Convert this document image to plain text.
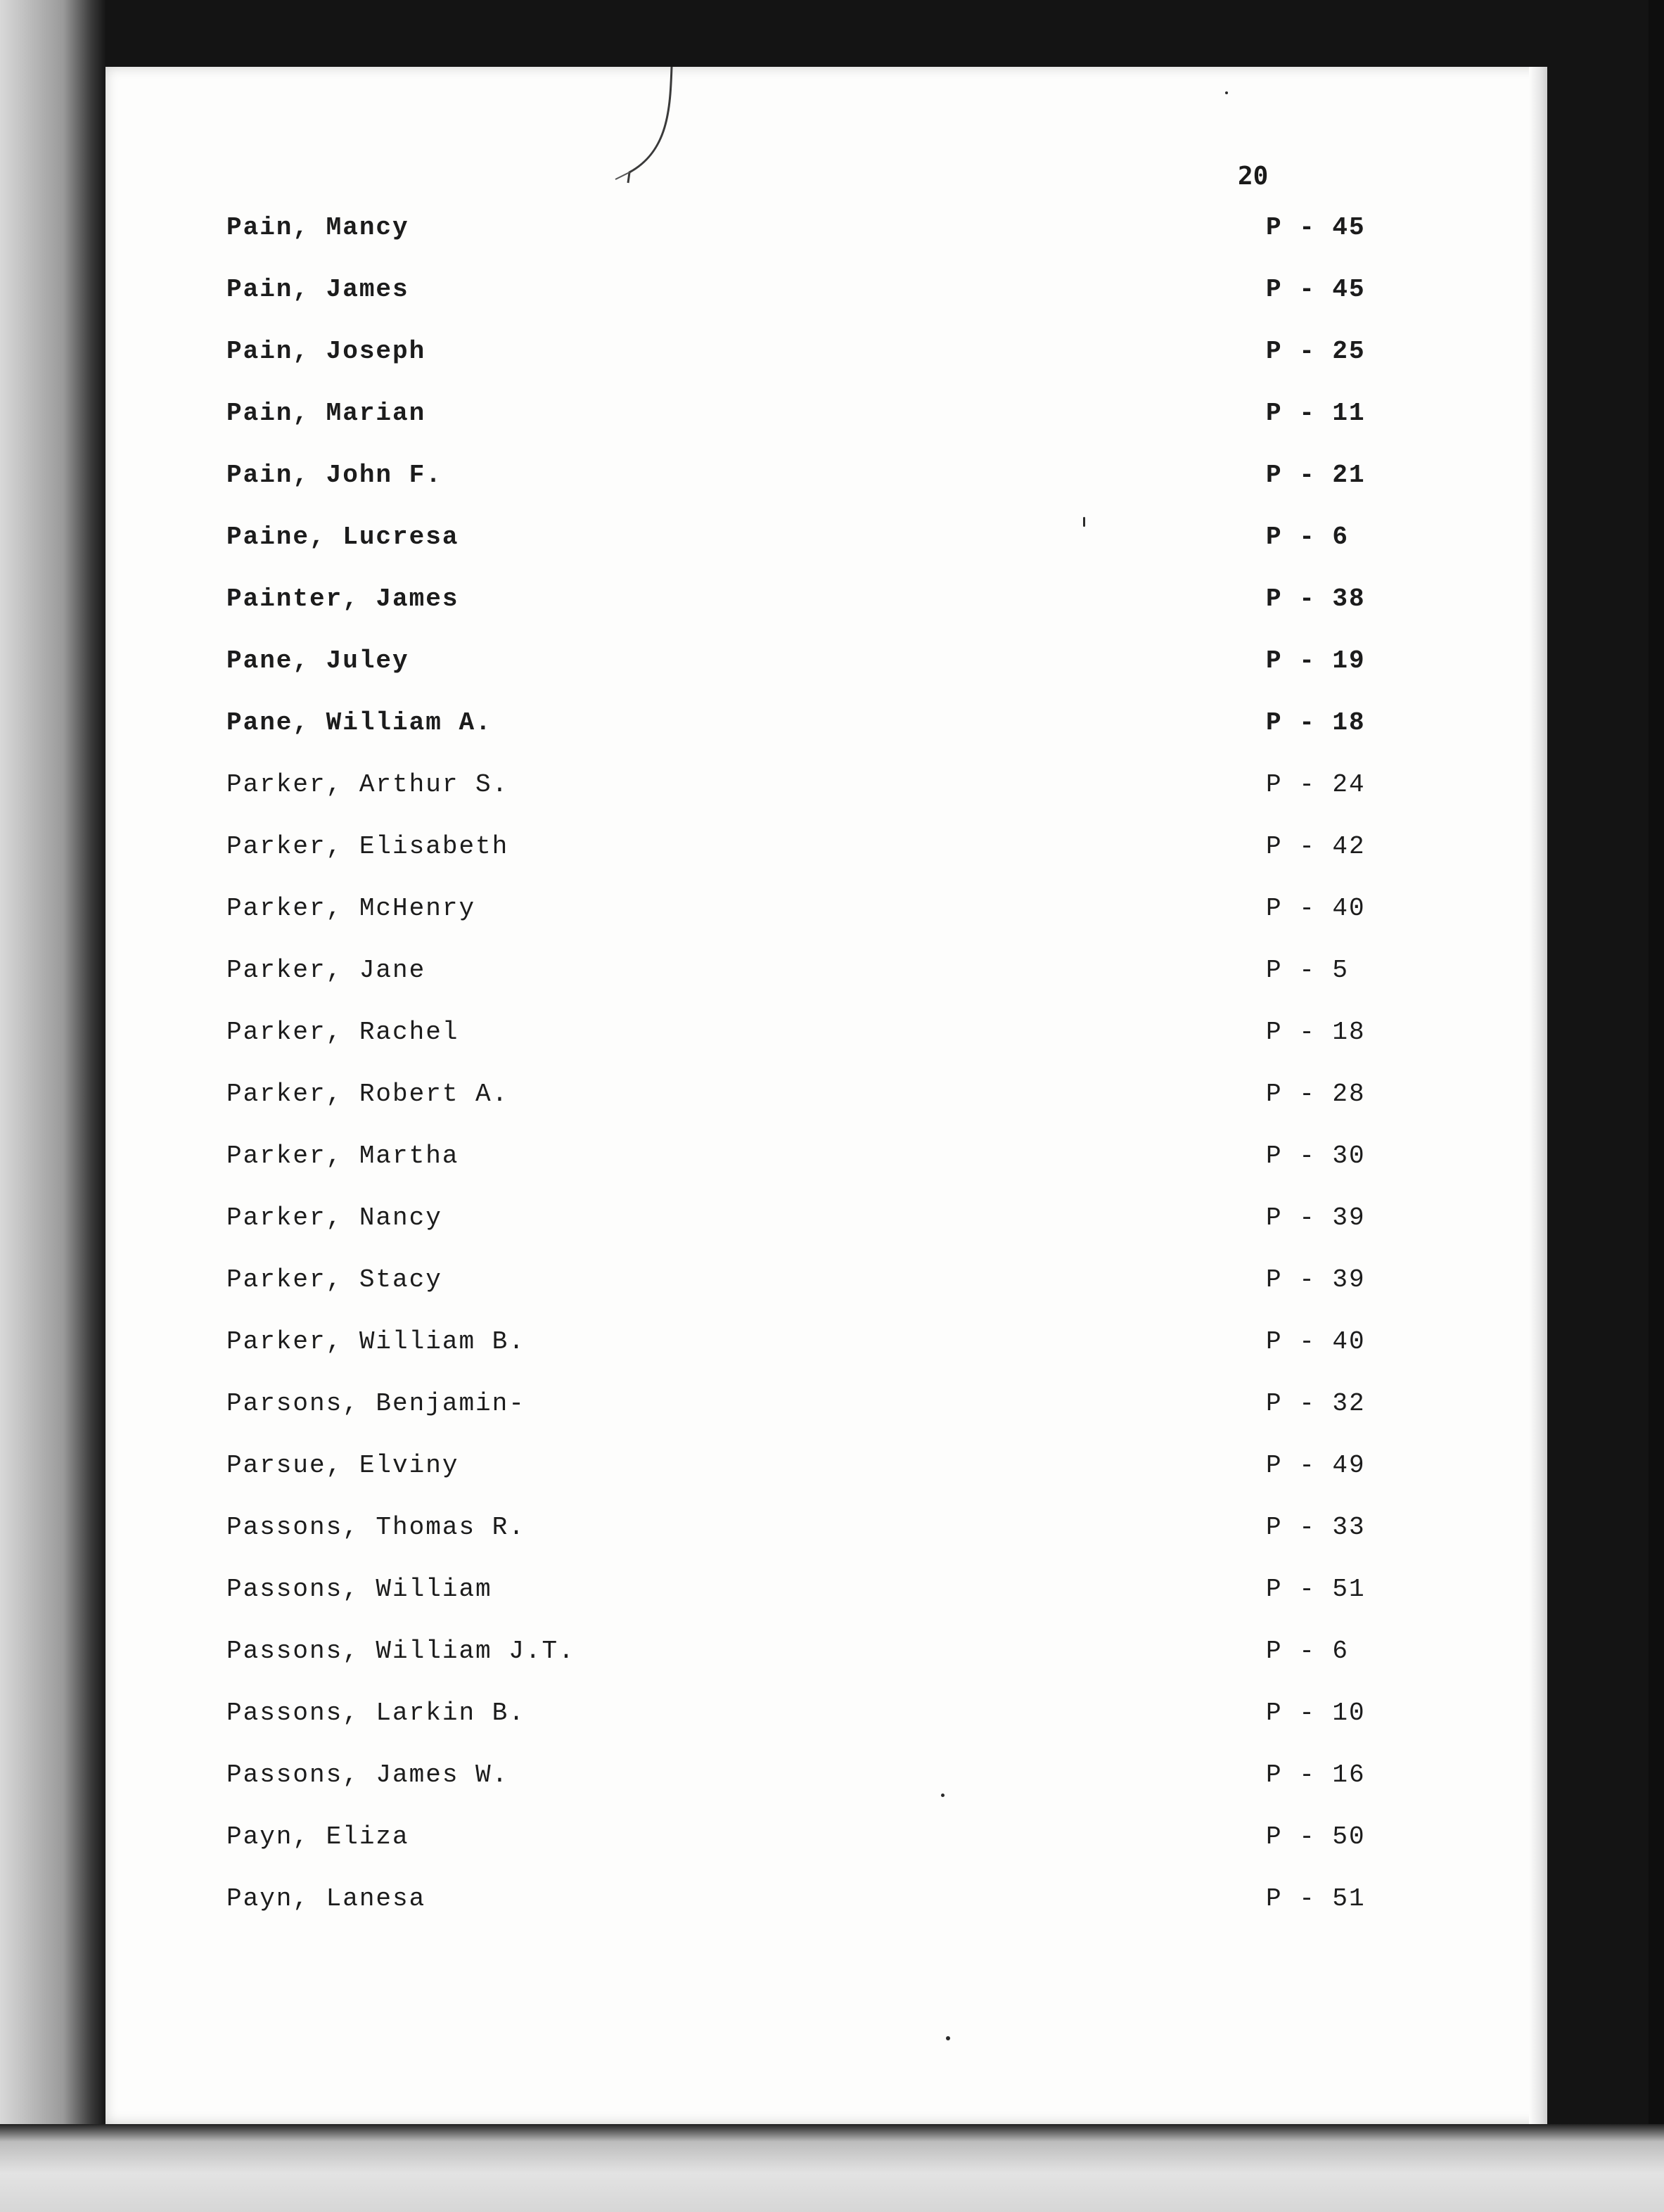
20
Pain, Mancy	P - 45
Pain, James	P - 45
Pain, Joseph	P - 25
Pain, Marian	P - 11
Pain, John F.	P - 21
Paine, Lucresa	P - 6
Painter, James	P - 38
Pane, Juley	P - 19
Pane, William A.	P - 18
Parker, Arthur S.	P - 24
Parker, Elisabeth	P - 42
Parker, McHenry	P - 40
Parker, Jane	P - 5
Parker, Rachel	P - 18
Parker, Robert A.	P - 28
Parker, Martha	P - 30
Parker, Nancy	P - 39
Parker, Stacy	P - 39
Parker, William B.	P - 40
Parsons, Benjamin-	P - 32
Parsue, Elviny	P - 49
Passons, Thomas R.	P - 33
Passons, William	P - 51
Passons, William J.T.	P - 6
Passons, Larkin B.	P - 10
Passons, James W.	P - 16
Payn, Eliza	P - 50
Payn, Lanesa	P - 51
